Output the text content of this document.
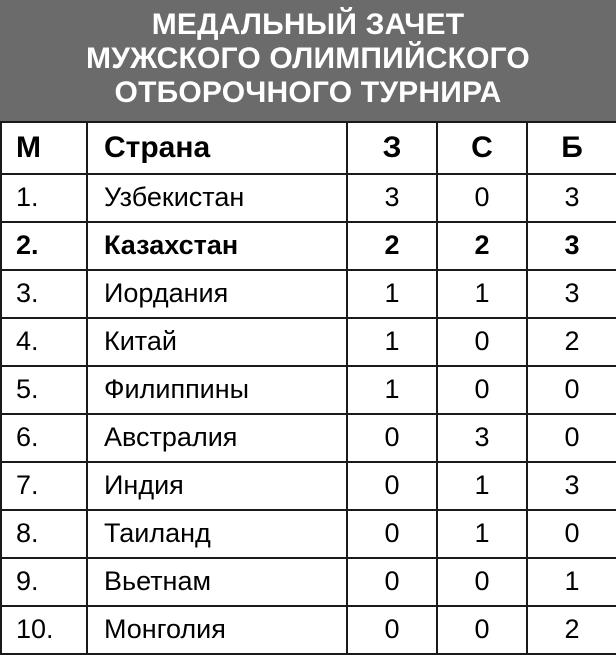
МЕДАЛЬНЫЙ ЗАЧЕТ
МУЖСКОГО ОЛИМПИЙСКОГО
ОТБОРОЧНОГО ТУРНИРА
М	Страна	З	С	Б
1.	Узбекистан	3	0	3
2.	Казахстан	2	2	3
3.	Иордания	1	1	3
4.	Китай	1	0	2
5.	Филиппины	1	0	0
6.	Австралия	0	3	0
7.	Индия	0	1	3
8.	Таиланд	0	1	0
9.	Вьетнам	0	0	1
10.	Монголия	0	0	2
